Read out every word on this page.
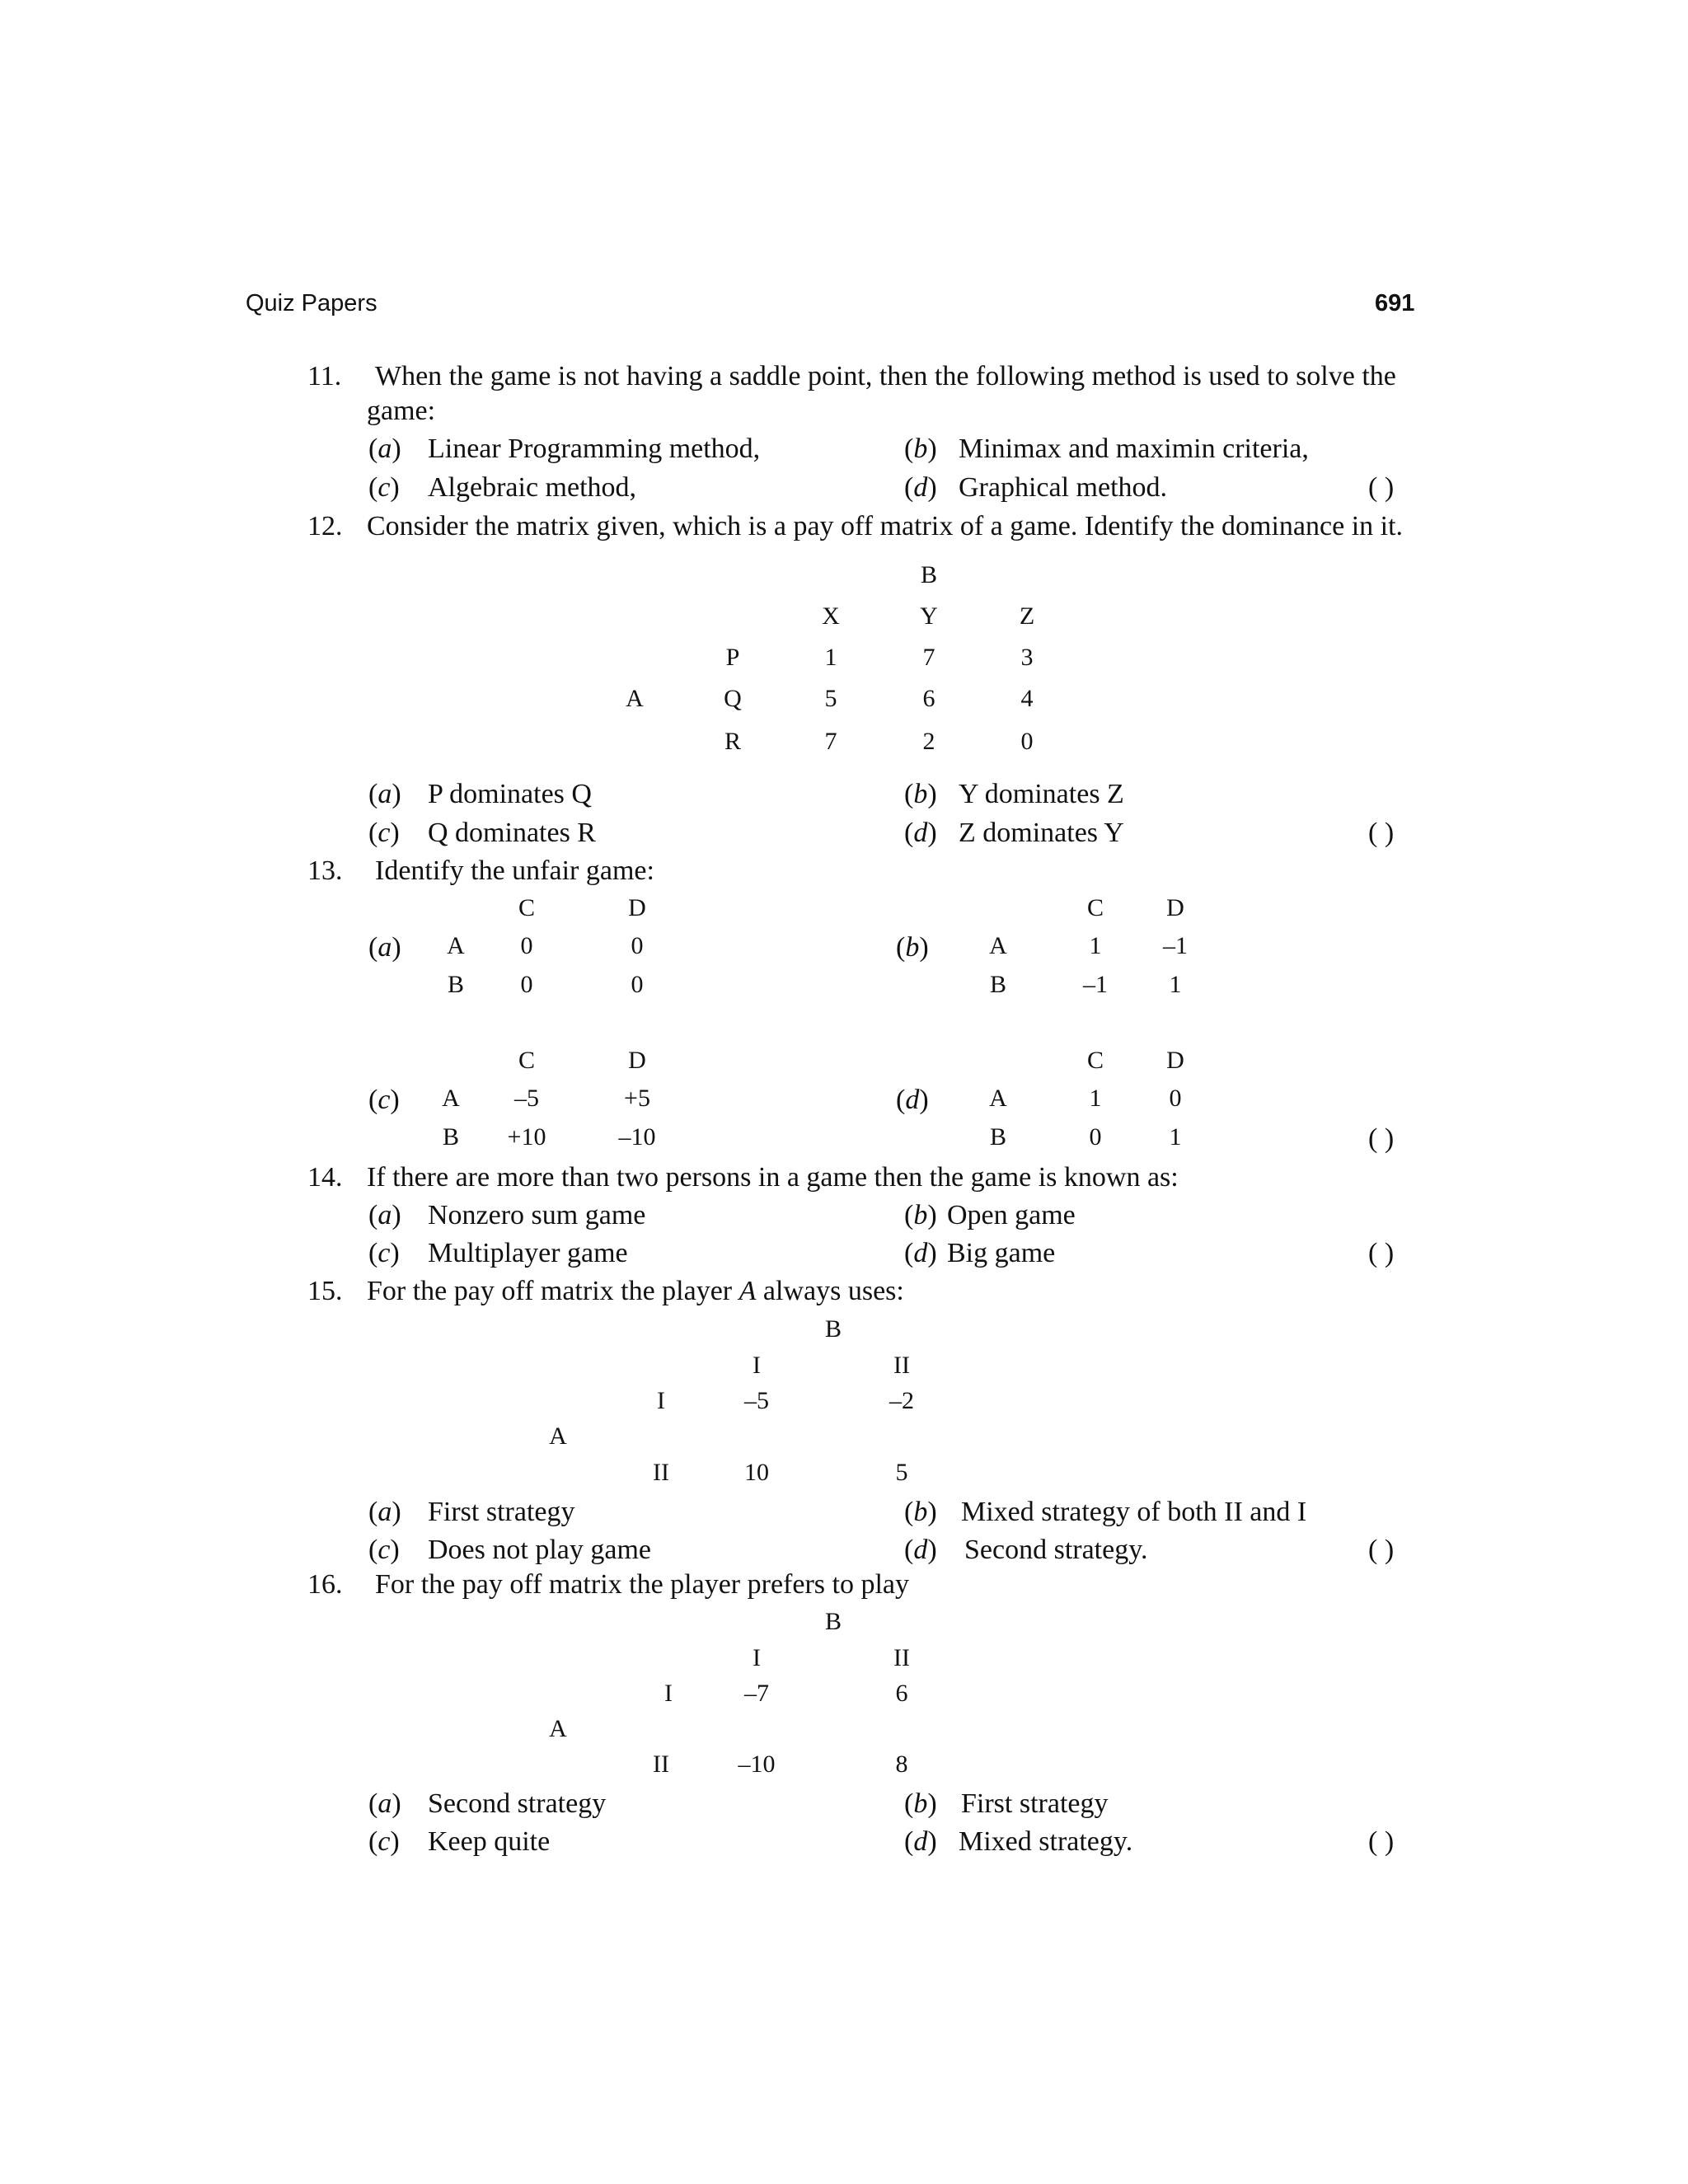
Quiz Papers	691
11. When the game is not having a saddle point, then the following method is used to solve the
game:
(a) Linear Programming method,	(b) Minimax and maximin criteria,
(c) Algebraic method,	(d) Graphical method.	( )
12. Consider the matrix given, which is a pay off matrix of a game. Identify the dominance in it.
B
X	Y	Z
P	1	7	3
A	Q	5	6	4
R	7	2	0
(a) P dominates Q	(b) Y dominates Z
(c) Q dominates R	(d) Z dominates Y	( )
13. Identify the unfair game:
(a)
C	D
A	0	0
B	0	0
(b)
C	D
A	1	–1
B	–1	1
(c)
C	D
A	–5	+5
B	+10	–10
(d)
C	D
A	1	0
B	0	1	( )
14. If there are more than two persons in a game then the game is known as:
(a) Nonzero sum game	(b) Open game
(c) Multiplayer game	(d) Big game	( )
15. For the pay off matrix the player A always uses:
B
I	II
I	–5	–2
A
II	10	5
(a) First strategy	(b) Mixed strategy of both II and I
(c) Does not play game	(d) Second strategy.	( )
16. For the pay off matrix the player prefers to play
B
I	II
I	–7	6
A
II	–10	8
(a) Second strategy	(b) First strategy
(c) Keep quite	(d) Mixed strategy.	( )
